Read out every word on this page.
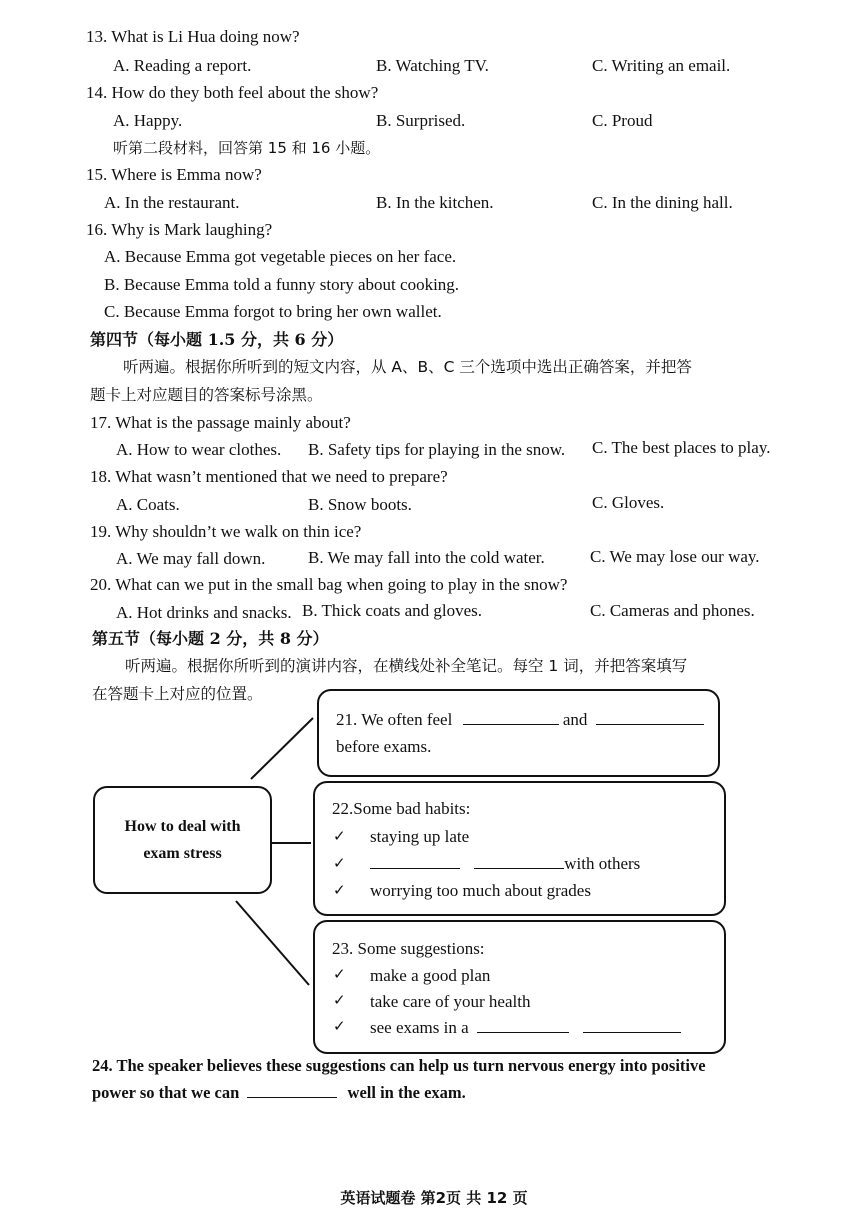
13. What is Li Hua doing now?
A. Reading a report.	B. Watching TV.	C. Writing an email.
14. How do they both feel about the show?
A. Happy.	B. Surprised.	C. Proud
听第二段材料，回答第 15 和 16 小题。
15. Where is Emma now?
A. In the restaurant.	B. In the kitchen.	C. In the dining hall.
16. Why is Mark laughing?
A. Because Emma got vegetable pieces on her face.
B. Because Emma told a funny story about cooking.
C. Because Emma forgot to bring her own wallet.
第四节（每小题 1.5 分，共 6 分）
听两遍。根据你所听到的短文内容，从 A、B、C 三个选项中选出正确答案，并把答
题卡上对应题目的答案标号涂黑。
17. What is the passage mainly about?
A. How to wear clothes. B. Safety tips for playing in the snow. C. The best places to play.
18. What wasn’t mentioned that we need to prepare?
A. Coats.	B. Snow boots.	C. Gloves.
19. Why shouldn’t we walk on thin ice?
A. We may fall down.	B. We may fall into the cold water.	C. We may lose our way.
20. What can we put in the small bag when going to play in the snow?
A. Hot drinks and snacks. B. Thick coats and gloves.	C. Cameras and phones.
第五节（每小题 2 分，共 8 分）
听两遍。根据你所听到的演讲内容，在横线处补全笔记。每空 1 词，并把答案填写
在答题卡上对应的位置。
How to deal with
exam stress
21. We often feel	and
before exams.
22.Some bad habits:
✓ staying up late
✓	with others
✓ worrying too much about grades
23. Some suggestions:
✓ make a good plan
✓ take care of your health
✓ see exams in a
24. The speaker believes these suggestions can help us turn nervous energy into positive
power so that we can	well in the exam.
英语试题卷 第2页 共 12 页
